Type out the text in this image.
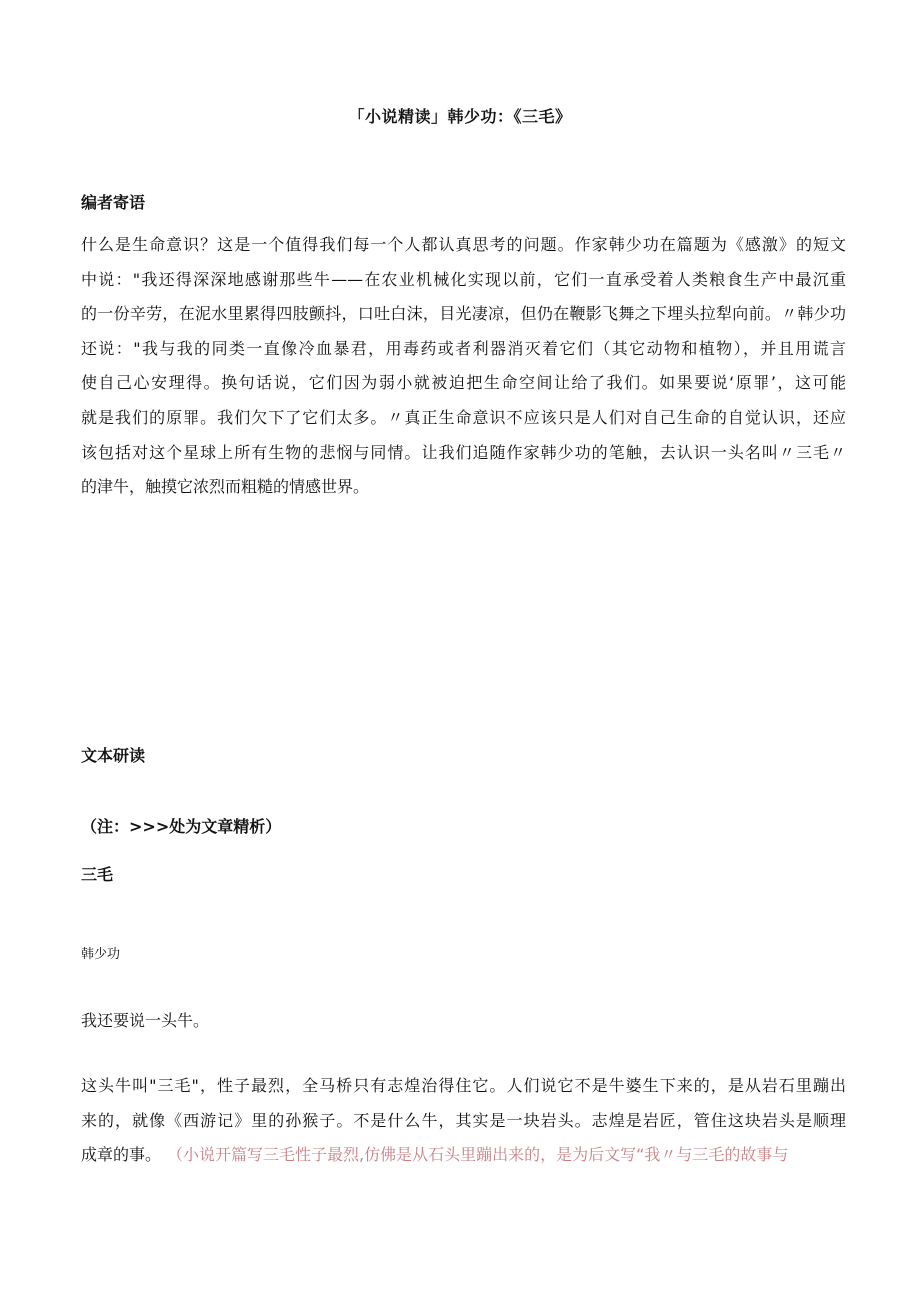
「小说精读」韩少功：《三毛》
编者寄语
什么是生命意识？这是一个值得我们每一个人都认真思考的问题。作家韩少功在篇题为《感激》的短文
中说："我还得深深地感谢那些牛——在农业机械化实现以前，它们一直承受着人类粮食生产中最沉重
的一份辛劳，在泥水里累得四肢颤抖，口吐白沫，目光凄凉，但仍在鞭影飞舞之下埋头拉犁向前。〃韩少功
还说："我与我的同类一直像冷血暴君，用毒药或者利器消灭着它们（其它动物和植物），并且用谎言
使自己心安理得。换句话说，它们因为弱小就被迫把生命空间让给了我们。如果要说‘原罪’，这可能
就是我们的原罪。我们欠下了它们太多。〃真正生命意识不应该只是人们对自己生命的自觉认识，还应
该包括对这个星球上所有生物的悲悯与同情。让我们追随作家韩少功的笔触，去认识一头名叫〃三毛〃
的津牛，触摸它浓烈而粗糙的情感世界。
文本研读
（注：>>>处为文章精析）
三毛
韩少功
我还要说一头牛。
这头牛叫"三毛"，性子最烈，全马桥只有志煌治得住它。人们说它不是牛婆生下来的，是从岩石里蹦出
来的，就像《西游记》里的孙猴子。不是什么牛，其实是一块岩头。志煌是岩匠，管住这块岩头是顺理
成章的事。 （小说开篇写三毛性子最烈,仿佛是从石头里蹦出来的，是为后文写“我〃与三毛的故事与
